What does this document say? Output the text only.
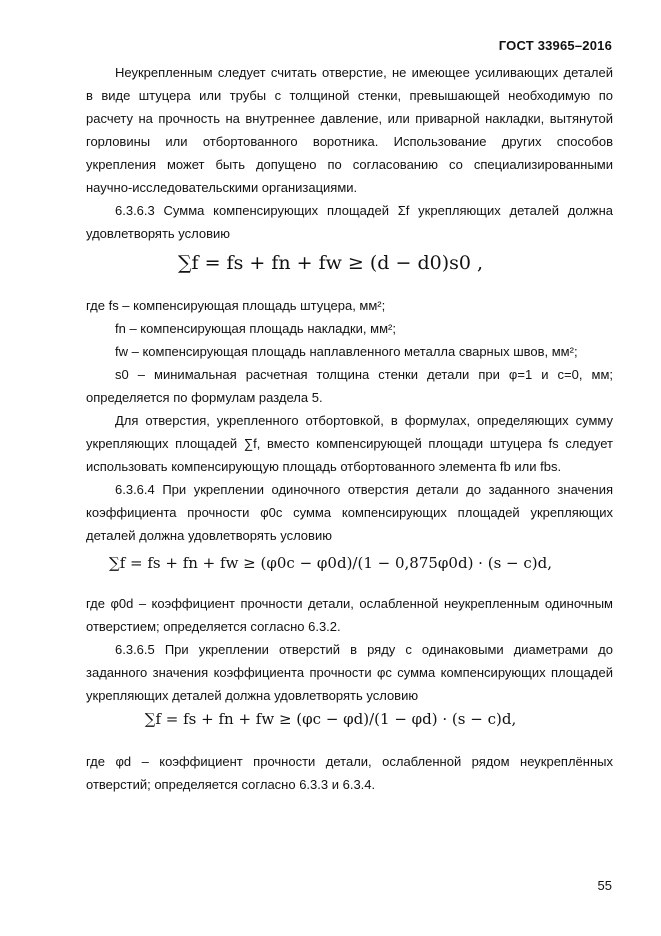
ГОСТ 33965–2016
Неукрепленным следует считать отверстие, не имеющее усиливающих деталей
в виде штуцера или трубы с толщиной стенки, превышающей необходимую по
расчету на прочность на внутреннее давление, или приварной накладки, вытянутой
горловины или отбортованного воротника. Использование других способов
укрепления может быть допущено по согласованию со специализированными
научно-исследовательскими организациями.
6.3.6.3 Сумма компенсирующих площадей Σf укрепляющих деталей должна
удовлетворять условию
∑f = fs + fn + fw ≥ (d − d0)s0 ,
где fs – компенсирующая площадь штуцера, мм²;
fn – компенсирующая площадь накладки, мм²;
fw – компенсирующая площадь наплавленного металла сварных швов, мм²;
s0 – минимальная расчетная толщина стенки детали при φ=1 и c=0, мм;
определяется по формулам раздела 5.
Для отверстия, укрепленного отбортовкой, в формулах, определяющих сумму
укрепляющих площадей ∑f, вместо компенсирующей площади штуцера fs следует
использовать компенсирующую площадь отбортованного элемента fb или fbs.
6.3.6.4 При укреплении одиночного отверстия детали до заданного значения
коэффициента прочности φ0c сумма компенсирующих площадей укрепляющих
деталей должна удовлетворять условию
∑f = fs + fn + fw ≥ (φ0c − φ0d)/(1 − 0,875φ0d) · (s − c)d,
где φ0d – коэффициент прочности детали, ослабленной неукрепленным одиночным
отверстием; определяется согласно 6.3.2.
6.3.6.5 При укреплении отверстий в ряду с одинаковыми диаметрами до
заданного значения коэффициента прочности φc сумма компенсирующих площадей
укрепляющих деталей должна удовлетворять условию
∑f = fs + fn + fw ≥ (φc − φd)/(1 − φd) · (s − c)d,
где φd – коэффициент прочности детали, ослабленной рядом неукреплённых
отверстий; определяется согласно 6.3.3 и 6.3.4.
55
